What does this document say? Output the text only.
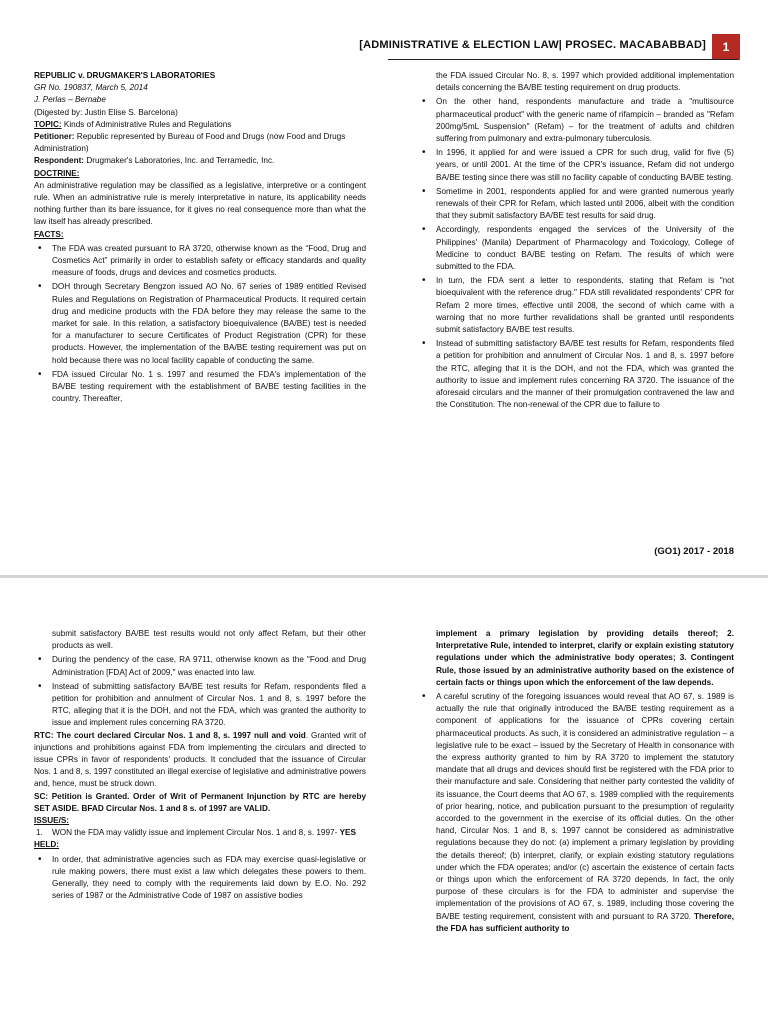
[ADMINISTRATIVE & ELECTION LAW| PROSEC. MACABABBAD]	1

REPUBLIC v. DRUGMAKER'S LABORATORIES

GR No. 190837, March 5, 2014

J. Perlas – Bernabe

(Digested by: Justin Elise S. Barcelona)

TOPIC: Kinds of Administrative Rules and Regulations

Petitioner: Republic represented by Bureau of Food and Drugs (now Food and Drugs Administration)

Respondent: Drugmaker's Laboratories, Inc. and Terramedic, Inc.

DOCTRINE:

An administrative regulation may be classified as a legislative, interpretive or a contingent rule. When an administrative rule is merely interpretative in nature, its applicability needs nothing further than its bare issuance, for it gives no real consequence more than what the law itself has already prescribed.

FACTS:

• The FDA was created pursuant to RA 3720, otherwise known as the “Food, Drug and Cosmetics Act” primarily in order to establish safety or efficacy standards and quality measure of foods, drugs and devices and cosmetics products.
• DOH through Secretary Bengzon issued AO No. 67 series of 1989 entitled Revised Rules and Regulations on Registration of Pharmaceutical Products. It required certain drug and medicine products with the FDA before they may release the same to the market for sale. In this relation, a satisfactory bioequivalence (BA/BE) test is needed for a manufacturer to secure Certificates of Product Registration (CPR) for these products. However, the implementation of the BA/BE testing requirement was put on hold because there was no local facility capable of conducting the same.
• FDA issued Circular No. 1 s. 1997 and resumed the FDA's implementation of the BA/BE testing requirement with the establishment of BA/BE testing facilities in the country. Thereafter,

the FDA issued Circular No. 8, s. 1997 which provided additional implementation details concerning the BA/BE testing requirement on drug products.

• On the other hand, respondents manufacture and trade a "multisource pharmaceutical product" with the generic name of rifampicin – branded as "Refam 200mg/5mL Suspension" (Refam) – for the treatment of adults and children suffering from pulmonary and extra-pulmonary tuberculosis.
• In 1996, it applied for and were issued a CPR for such drug, valid for five (5) years, or until 2001. At the time of the CPR's issuance, Refam did not undergo BA/BE testing since there was still no facility capable of conducting BA/BE testing.
• Sometime in 2001, respondents applied for and were granted numerous yearly renewals of their CPR for Refam, which lasted until 2006, albeit with the condition that they submit satisfactory BA/BE test results for said drug.
• Accordingly, respondents engaged the services of the University of the Philippines' (Manila) Department of Pharmacology and Toxicology, College of Medicine to conduct BA/BE testing on Refam. The results of which were submitted to the FDA.
• In turn, the FDA sent a letter to respondents, stating that Refam is "not bioequivalent with the reference drug." FDA still revalidated respondents' CPR for Refam 2 more times, effective until 2008, the second of which came with a warning that no more further revalidations shall be granted until respondents submit satisfactory BA/BE test results.
• Instead of submitting satisfactory BA/BE test results for Refam, respondents filed a petition for prohibition and annulment of Circular Nos. 1 and 8, s. 1997 before the RTC, alleging that it is the DOH, and not the FDA, which was granted the authority to issue and implement rules concerning RA 3720. The issuance of the aforesaid circulars and the manner of their promulgation contravened the law and the Constitution. The non-renewal of the CPR due to failure to
(GO1) 2017 - 2018

submit satisfactory BA/BE test results would not only affect Refam, but their other products as well.

• During the pendency of the case, RA 9711, otherwise known as the "Food and Drug Administration [FDA] Act of 2009," was enacted into law.
• Instead of submitting satisfactory BA/BE test results for Refam, respondents filed a petition for prohibition and annulment of Circular Nos. 1 and 8, s. 1997 before the RTC, alleging that it is the DOH, and not the FDA, which was granted the authority to issue and implement rules concerning RA 3720.

RTC: The court declared Circular Nos. 1 and 8, s. 1997 null and void. Granted writ of injunctions and prohibitions against FDA from implementing the circulars and directed to issue CPRs in favor of respondents' products. It concluded that the issuance of Circular Nos. 1 and 8, s. 1997 constituted an illegal exercise of legislative and administrative powers and, hence, must be struck down.

SC: Petition is Granted. Order of Writ of Permanent Injunction by RTC are hereby SET ASIDE. BFAD Circular Nos. 1 and 8 s. of 1997 are VALID.

ISSUE/S:

1. WON the FDA may validly issue and implement Circular Nos. 1 and 8, s. 1997- YES

HELD:

• In order, that administrative agencies such as FDA may exercise quasi-legislative or rule making powers, there must exist a law which delegates these powers to them. Generally, they need to comply with the requirements laid down by E.O. No. 292 series of 1987 or the Administrative Code of 1987 on assistive bodies

implement a primary legislation by providing details thereof; 2. Interpretative Rule, intended to interpret, clarify or explain existing statutory regulations under which the administrative body operates; 3. Contingent Rule, those issued by an administrative authority based on the existence of certain facts or things upon which the enforcement of the law depends.

• A careful scrutiny of the foregoing issuances would reveal that AO 67, s. 1989 is actually the rule that originally introduced the BA/BE testing requirement as a component of applications for the issuance of CPRs covering certain pharmaceutical products. As such, it is considered an administrative regulation – a legislative rule to be exact – issued by the Secretary of Health in consonance with the express authority granted to him by RA 3720 to implement the statutory mandate that all drugs and devices should first be registered with the FDA prior to their manufacture and sale. Considering that neither party contested the validity of its issuance, the Court deems that AO 67, s. 1989 complied with the requirements of prior hearing, notice, and publication pursuant to the presumption of regularity accorded to the government in the exercise of its official duties. On the other hand, Circular Nos. 1 and 8, s. 1997 cannot be considered as administrative regulations because they do not: (a) implement a primary legislation by providing the details thereof; (b) interpret, clarify, or explain existing statutory regulations under which the FDA operates; and/or (c) ascertain the existence of certain facts or things upon which the enforcement of RA 3720 depends. In fact, the only purpose of these circulars is for the FDA to administer and supervise the implementation of the provisions of AO 67, s. 1989, including those covering the BA/BE testing requirement, consistent with and pursuant to RA 3720. Therefore, the FDA has sufficient authority to
